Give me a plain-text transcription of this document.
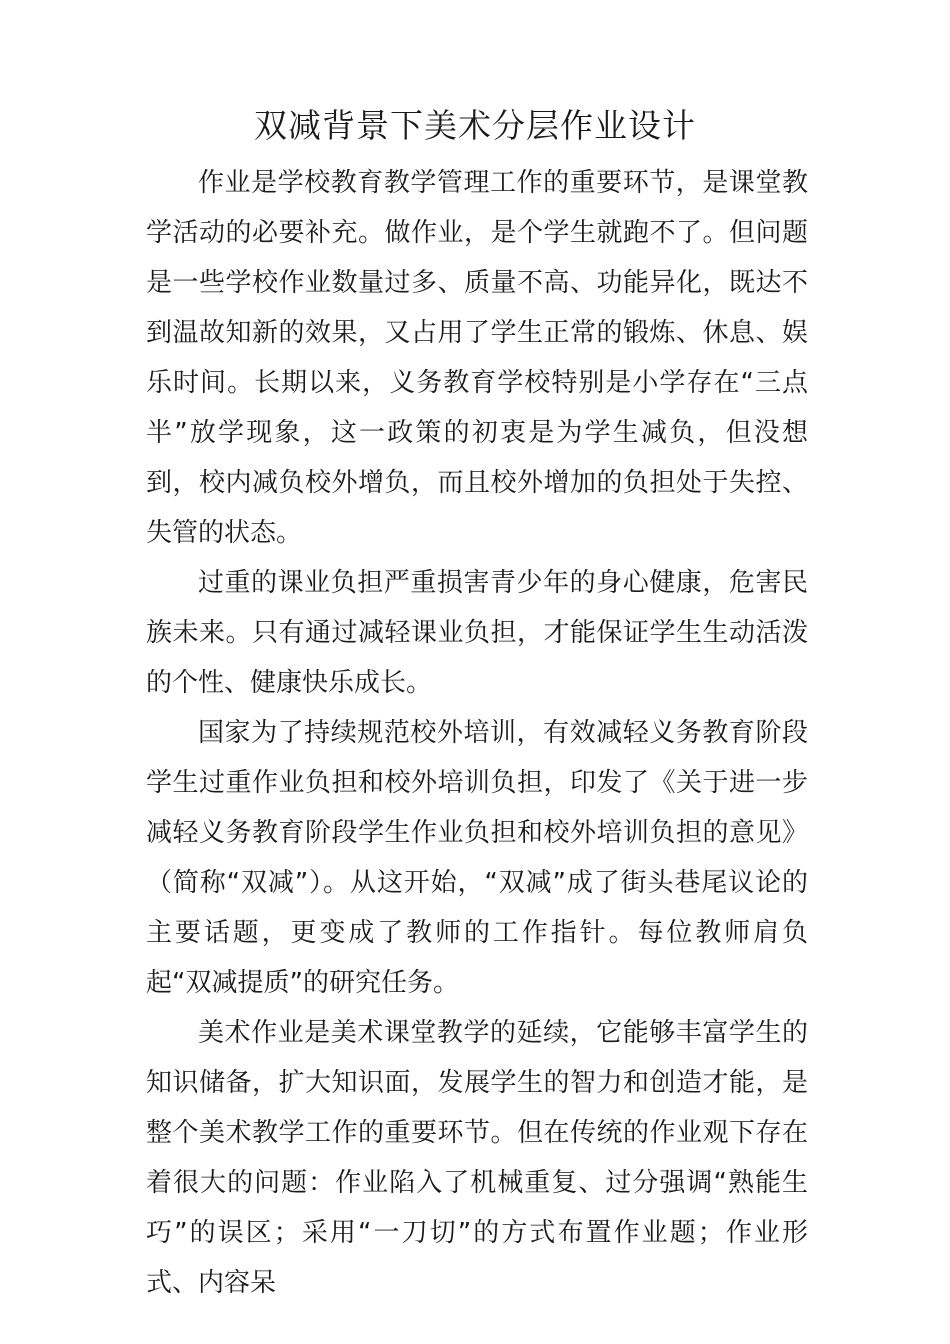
双减背景下美术分层作业设计

作业是学校教育教学管理工作的重要环节，是课堂教学活动的必要补充。做作业，是个学生就跑不了。但问题是一些学校作业数量过多、质量不高、功能异化，既达不到温故知新的效果，又占用了学生正常的锻炼、休息、娱乐时间。长期以来，义务教育学校特别是小学存在“三点半”放学现象，这一政策的初衷是为学生减负，但没想到，校内减负校外增负，而且校外增加的负担处于失控、失管的状态。

过重的课业负担严重损害青少年的身心健康，危害民族未来。只有通过减轻课业负担，才能保证学生生动活泼的个性、健康快乐成长。

国家为了持续规范校外培训，有效减轻义务教育阶段学生过重作业负担和校外培训负担，印发了《关于进一步减轻义务教育阶段学生作业负担和校外培训负担的意见》（简称“双减”）。从这开始，“双减”成了街头巷尾议论的主要话题，更变成了教师的工作指针。每位教师肩负起“双减提质”的研究任务。

美术作业是美术课堂教学的延续，它能够丰富学生的知识储备，扩大知识面，发展学生的智力和创造才能，是整个美术教学工作的重要环节。但在传统的作业观下存在着很大的问题：作业陷入了机械重复、过分强调“熟能生巧”的误区；采用“一刀切”的方式布置作业题；作业形式、内容呆
